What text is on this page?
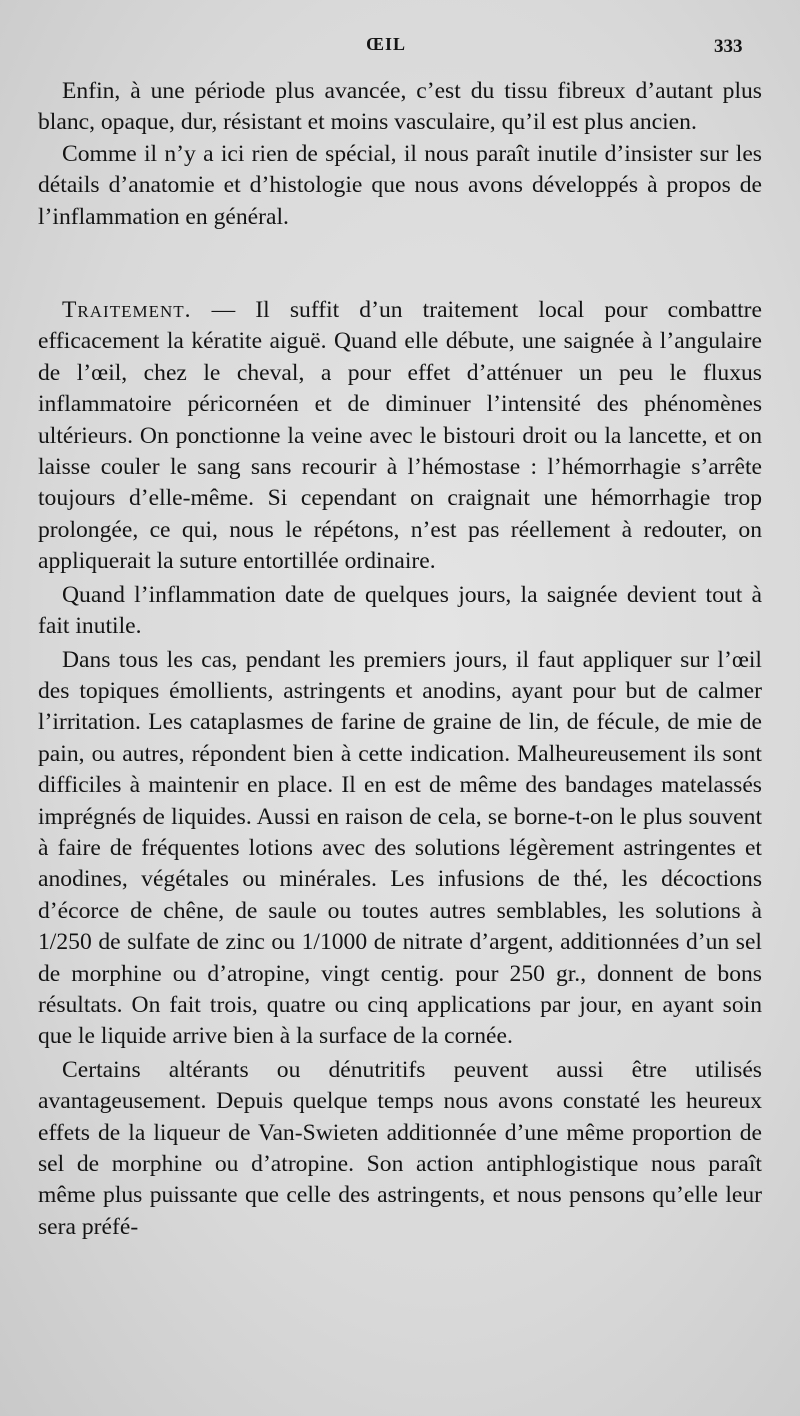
ŒIL	333

Enfin, à une période plus avancée, c’est du tissu fibreux d’autant plus blanc, opaque, dur, résistant et moins vasculaire, qu’il est plus ancien.

Comme il n’y a ici rien de spécial, il nous paraît inutile d’insister sur les détails d’anatomie et d’histologie que nous avons développés à propos de l’inflammation en général.

Traitement. — Il suffit d’un traitement local pour combattre efficacement la kératite aiguë. Quand elle débute, une saignée à l’angulaire de l’œil, chez le cheval, a pour effet d’atténuer un peu le fluxus inflammatoire péricornéen et de diminuer l’intensité des phénomènes ultérieurs. On ponctionne la veine avec le bistouri droit ou la lancette, et on laisse couler le sang sans recourir à l’hémostase : l’hémorrhagie s’arrête toujours d’elle-même. Si cependant on craignait une hémorrhagie trop prolongée, ce qui, nous le répétons, n’est pas réellement à redouter, on appliquerait la suture entortillée ordinaire.

Quand l’inflammation date de quelques jours, la saignée devient tout à fait inutile.

Dans tous les cas, pendant les premiers jours, il faut appliquer sur l’œil des topiques émollients, astringents et anodins, ayant pour but de calmer l’irritation. Les cataplasmes de farine de graine de lin, de fécule, de mie de pain, ou autres, répondent bien à cette indication. Malheureusement ils sont difficiles à maintenir en place. Il en est de même des bandages matelassés imprégnés de liquides. Aussi en raison de cela, se borne-t-on le plus souvent à faire de fréquentes lotions avec des solutions légèrement astringentes et anodines, végétales ou minérales. Les infusions de thé, les décoctions d’écorce de chêne, de saule ou toutes autres semblables, les solutions à 1/250 de sulfate de zinc ou 1/1000 de nitrate d’argent, additionnées d’un sel de morphine ou d’atropine, vingt centig. pour 250 gr., donnent de bons résultats. On fait trois, quatre ou cinq applications par jour, en ayant soin que le liquide arrive bien à la surface de la cornée.

Certains altérants ou dénutritifs peuvent aussi être utilisés avantageusement. Depuis quelque temps nous avons constaté les heureux effets de la liqueur de Van-Swieten additionnée d’une même proportion de sel de morphine ou d’atropine. Son action antiphlogistique nous paraît même plus puissante que celle des astringents, et nous pensons qu’elle leur sera préfé-
